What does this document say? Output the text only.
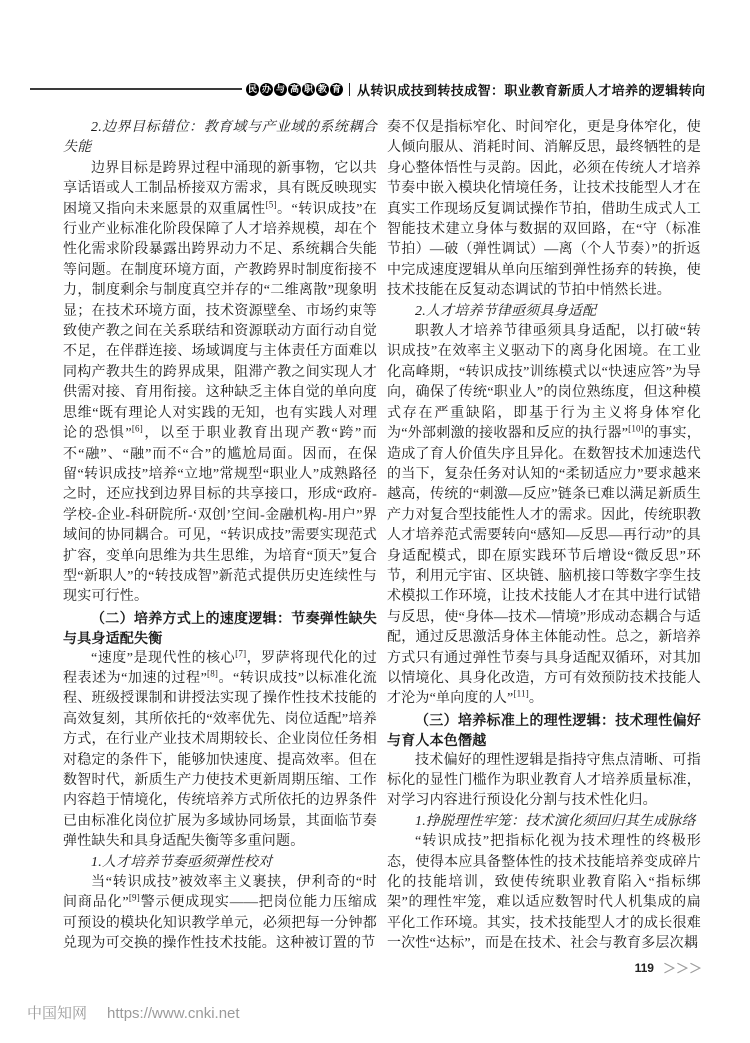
民 办 与 高 职 教 育 从转识成技到转技成智：职业教育新质人才培养的逻辑转向

2.边界目标错位：教育域与产业域的系统耦合失能

边界目标是跨界过程中涌现的新事物，它以共享话语或人工制品桥接双方需求，具有既反映现实困境又指向未来愿景的双重属性[5]。“转识成技”在行业产业标准化阶段保障了人才培养规模，却在个性化需求阶段暴露出跨界动力不足、系统耦合失能等问题。在制度环境方面，产教跨界时制度衔接不力，制度剩余与制度真空并存的“二维离散”现象明显；在技术环境方面，技术资源壁垒、市场约束等致使产教之间在关系联结和资源联动方面行动自觉不足，在伴群连接、场域调度与主体责任方面难以同构产教共生的跨界成果，阻滞产教之间实现人才供需对接、育用衔接。这种缺乏主体自觉的单向度思维“既有理论人对实践的无知，也有实践人对理论的恐惧”[6]，以至于职业教育出现产教“跨”而不“融”、“融”而不“合”的尴尬局面。因而，在保留“转识成技”培养“立地”常规型“职业人”成熟路径之时，还应找到边界目标的共享接口，形成“政府-学校-企业-科研院所-‘双创’空间-金融机构-用户”界域间的协同耦合。可见，“转识成技”需要实现范式扩容，变单向思维为共生思维，为培育“顶天”复合型“新职人”的“转技成智”新范式提供历史连续性与现实可行性。

（二）培养方式上的速度逻辑：节奏弹性缺失与具身适配失衡

“速度”是现代性的核心[7]，罗萨将现代化的过程表述为“加速的过程”[8]。“转识成技”以标准化流程、班级授课制和讲授法实现了操作性技术技能的高效复刻，其所依托的“效率优先、岗位适配”培养方式，在行业产业技术周期较长、企业岗位任务相对稳定的条件下，能够加快速度、提高效率。但在数智时代，新质生产力使技术更新周期压缩、工作内容趋于情境化，传统培养方式所依托的边界条件已由标准化岗位扩展为多域协同场景，其面临节奏弹性缺失和具身适配失衡等多重问题。

1.人才培养节奏亟须弹性校对

当“转识成技”被效率主义裹挟，伊利奇的“时间商品化”[9]警示便成现实——把岗位能力压缩成可预设的模块化知识教学单元，必须把每一分钟都兑现为可交换的操作性技术技能。这种被订置的节

奏不仅是指标窄化、时间窄化，更是身体窄化，使人倾向服从、消耗时间、消解反思，最终牺牲的是身心整体悟性与灵韵。因此，必须在传统人才培养节奏中嵌入模块化情境任务，让技术技能型人才在真实工作现场反复调试操作节拍，借助生成式人工智能技术建立身体与数据的双回路，在“守（标准节拍）—破（弹性调试）—离（个人节奏）”的折返中完成速度逻辑从单向压缩到弹性扬弃的转换，使技术技能在反复动态调试的节拍中悄然长进。

2.人才培养节律亟须具身适配

职教人才培养节律亟须具身适配，以打破“转识成技”在效率主义驱动下的离身化困境。在工业化高峰期，“转识成技”训练模式以“快速应答”为导向，确保了传统“职业人”的岗位熟练度，但这种模式存在严重缺陷，即基于行为主义将身体窄化为“外部刺激的接收器和反应的执行器”[10]的事实，造成了育人价值失序且异化。在数智技术加速迭代的当下，复杂任务对认知的“柔韧适应力”要求越来越高，传统的“刺激—反应”链条已难以满足新质生产力对复合型技能性人才的需求。因此，传统职教人才培养范式需要转向“感知—反思—再行动”的具身适配模式，即在原实践环节后增设“微反思”环节，利用元宇宙、区块链、脑机接口等数字孪生技术模拟工作环境，让技术技能人才在其中进行试错与反思，使“身体—技术—情境”形成动态耦合与适配，通过反思激活身体主体能动性。总之，新培养方式只有通过弹性节奏与具身适配双循环，对其加以情境化、具身化改造，方可有效预防技术技能人才沦为“单向度的人”[11]。

（三）培养标准上的理性逻辑：技术理性偏好与育人本色僭越

技术偏好的理性逻辑是指持守焦点清晰、可指标化的显性门槛作为职业教育人才培养质量标准，对学习内容进行预设化分割与技术性化归。

1.挣脱理性牢笼：技术演化须回归其生成脉络

“转识成技”把指标化视为技术理性的终极形态，使得本应具备整体性的技术技能培养变成碎片化的技能培训，致使传统职业教育陷入“指标绑架”的理性牢笼，难以适应数智时代人机集成的扁平化工作环境。其实，技术技能型人才的成长很难一次性“达标”，而是在技术、社会与教育多层次耦

119 ＞＞＞
中国知网 https://www.cnki.net
